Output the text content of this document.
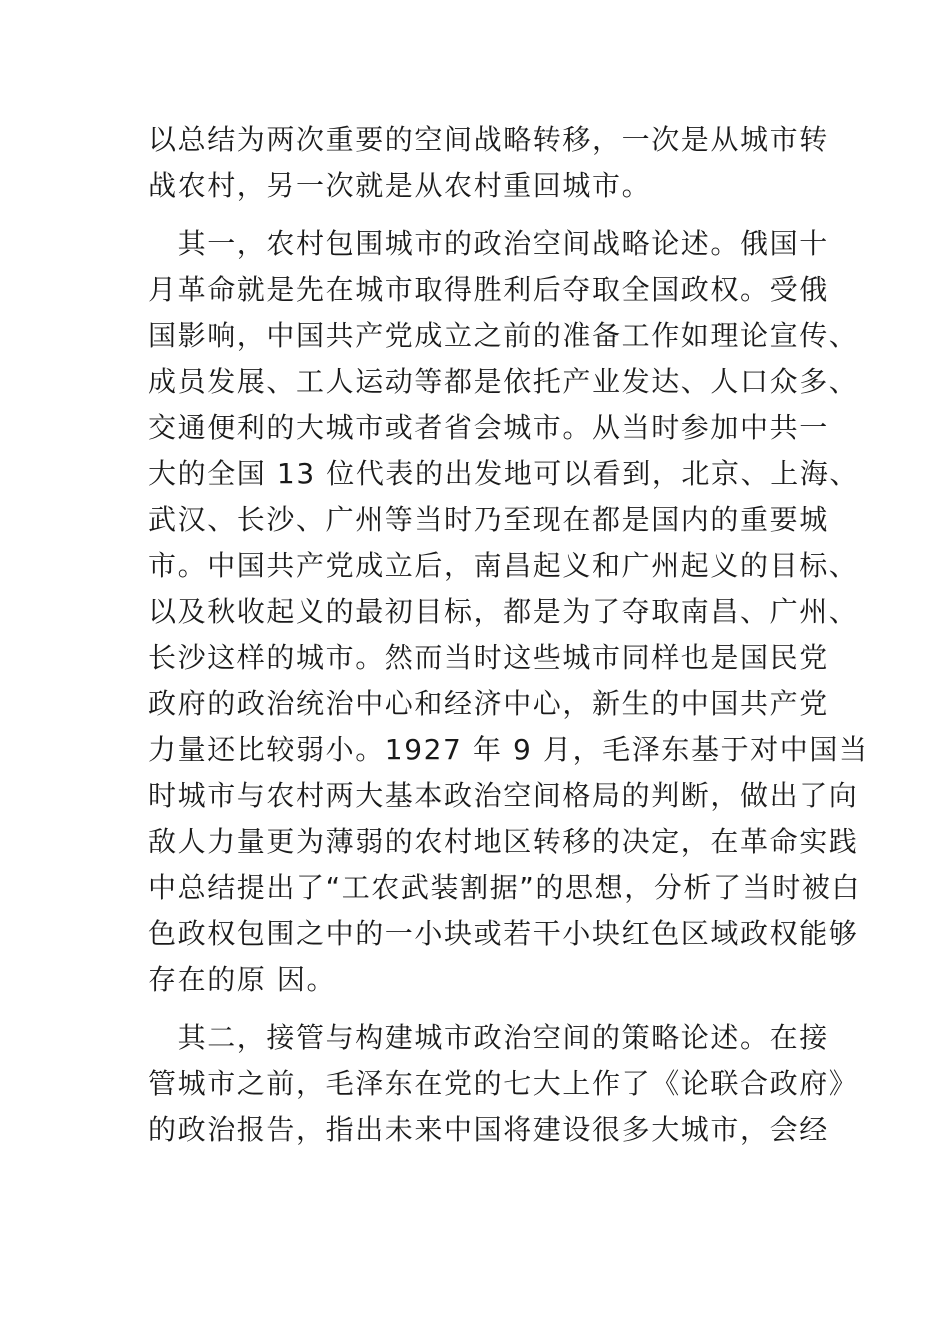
以总结为两次重要的空间战略转移，一次是从城市转
战农村，另一次就是从农村重回城市。

　其一，农村包围城市的政治空间战略论述。俄国十
月革命就是先在城市取得胜利后夺取全国政权。受俄
国影响，中国共产党成立之前的准备工作如理论宣传、
成员发展、工人运动等都是依托产业发达、人口众多、
交通便利的大城市或者省会城市。从当时参加中共一
大的全国 13 位代表的出发地可以看到，北京、上海、
武汉、长沙、广州等当时乃至现在都是国内的重要城
市。中国共产党成立后，南昌起义和广州起义的目标、
以及秋收起义的最初目标，都是为了夺取南昌、广州、
长沙这样的城市。然而当时这些城市同样也是国民党
政府的政治统治中心和经济中心，新生的中国共产党
力量还比较弱小。1927 年 9 月，毛泽东基于对中国当
时城市与农村两大基本政治空间格局的判断，做出了向
敌人力量更为薄弱的农村地区转移的决定，在革命实践
中总结提出了“工农武装割据”的思想，分析了当时被白
色政权包围之中的一小块或若干小块红色区域政权能够
存在的原 因。

　其二，接管与构建城市政治空间的策略论述。在接
管城市之前，毛泽东在党的七大上作了《论联合政府》
的政治报告，指出未来中国将建设很多大城市，会经
